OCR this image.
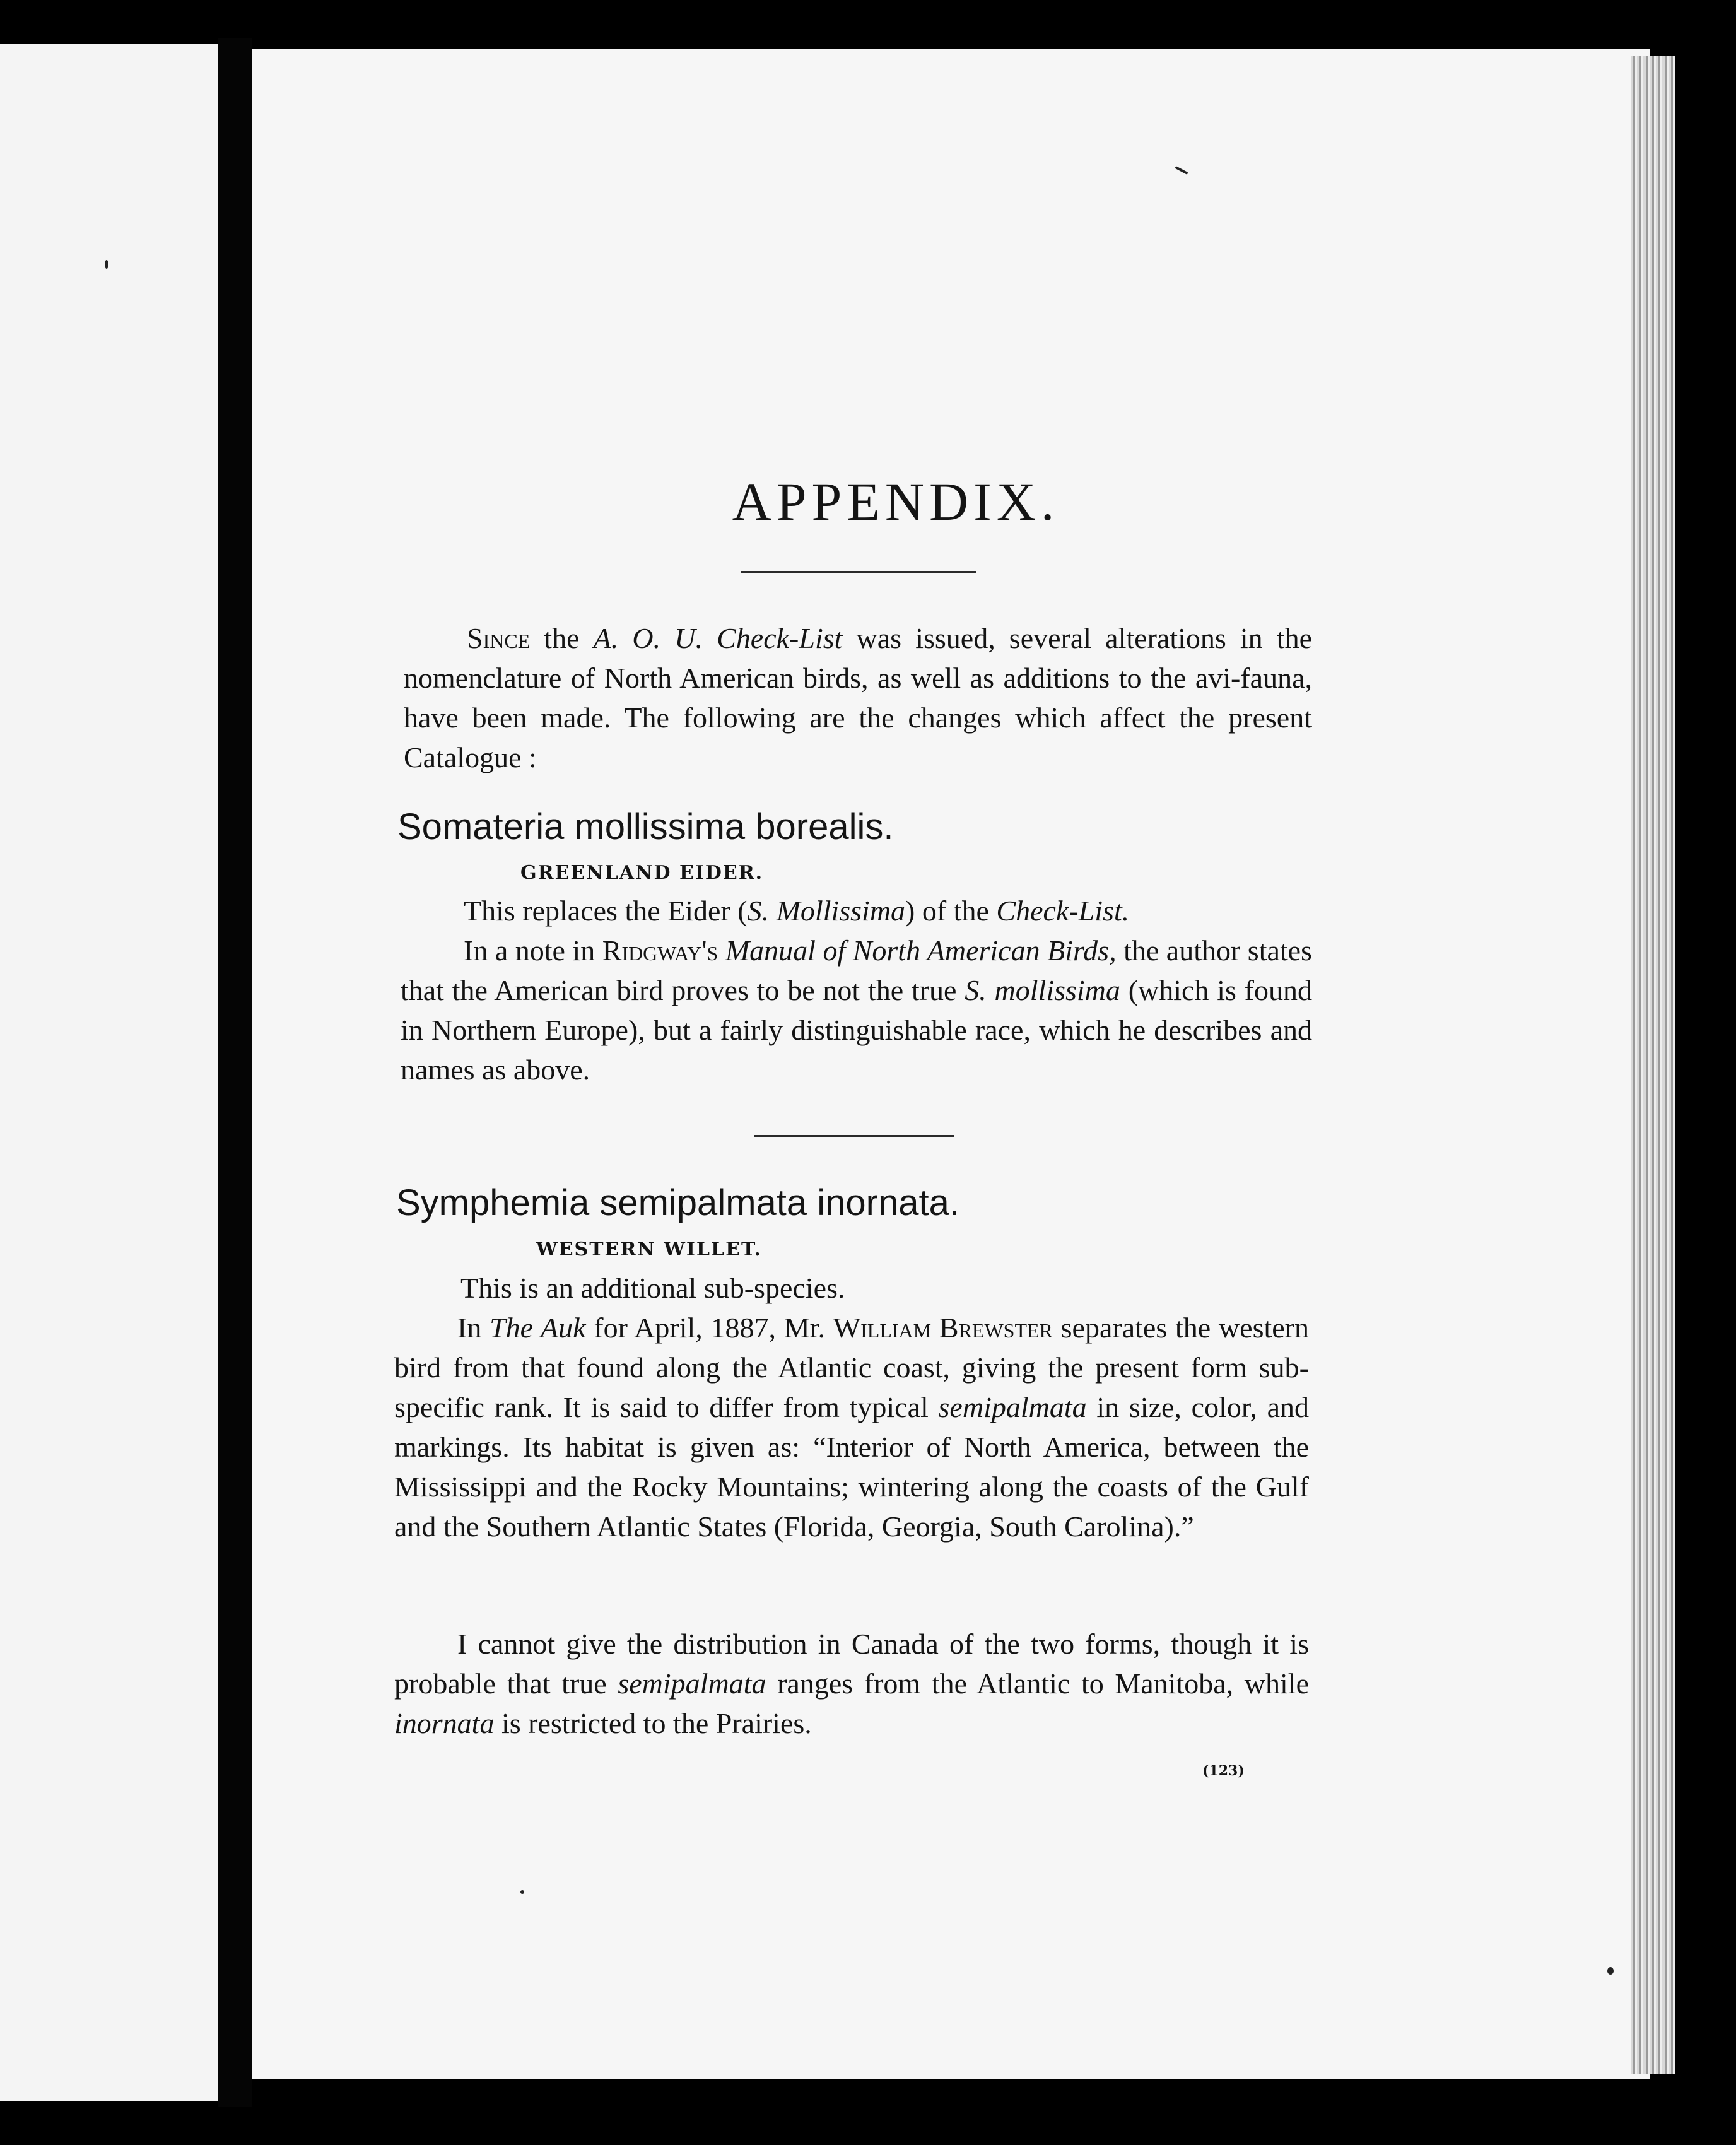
APPENDIX.

Since the A. O. U. Check-List was issued, several alterations in the nomenclature of North American birds, as well as additions to the avi-fauna, have been made. The following are the changes which affect the present Catalogue :

Somateria mollissima borealis.

GREENLAND EIDER.

This replaces the Eider (S. Mollissima) of the Check-List.

In a note in Ridgway's Manual of North American Birds, the author states that the American bird proves to be not the true S. mollissima (which is found in Northern Europe), but a fairly distinguishable race, which he describes and names as above.

Symphemia semipalmata inornata.

WESTERN WILLET.

This is an additional sub-species.

In The Auk for April, 1887, Mr. William Brewster separates the western bird from that found along the Atlantic coast, giving the present form sub-specific rank. It is said to differ from typical semipalmata in size, color, and markings. Its habitat is given as: “Interior of North America, between the Mississippi and the Rocky Mountains; wintering along the coasts of the Gulf and the Southern Atlantic States (Florida, Georgia, South Carolina).”

I cannot give the distribution in Canada of the two forms, though it is probable that true semipalmata ranges from the Atlantic to Manitoba, while inornata is restricted to the Prairies.

(123)
